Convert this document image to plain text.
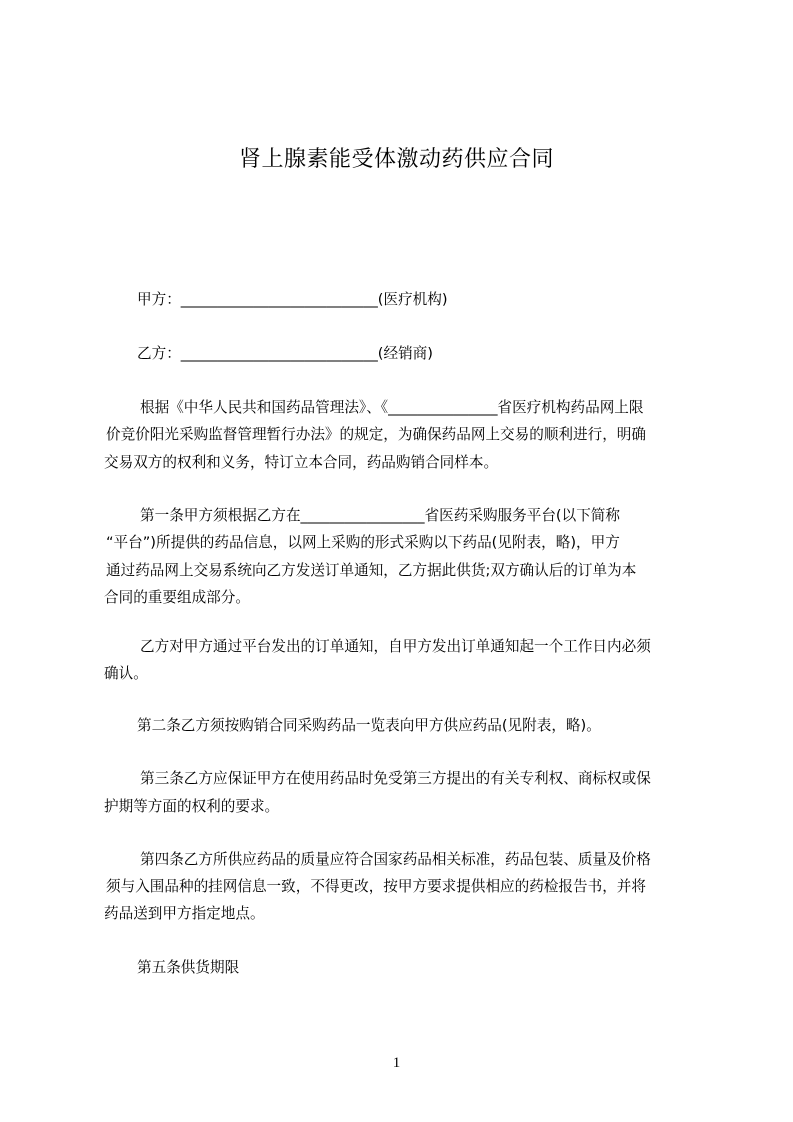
肾上腺素能受体激动药供应合同
甲方：___________________________(医疗机构)
乙方：___________________________(经销商)
根据《中华人民共和国药品管理法》、《_______________省医疗机构药品网上限
价竞价阳光采购监督管理暂行办法》的规定，为确保药品网上交易的顺利进行，明确
交易双方的权利和义务，特订立本合同，药品购销合同样本。
第一条甲方须根据乙方在_________________省医药采购服务平台(以下简称
“平台”)所提供的药品信息，以网上采购的形式采购以下药品(见附表，略)，甲方
通过药品网上交易系统向乙方发送订单通知，乙方据此供货;双方确认后的订单为本
合同的重要组成部分。
乙方对甲方通过平台发出的订单通知，自甲方发出订单通知起一个工作日内必须
确认。
第二条乙方须按购销合同采购药品一览表向甲方供应药品(见附表，略)。
第三条乙方应保证甲方在使用药品时免受第三方提出的有关专利权、商标权或保
护期等方面的权利的要求。
第四条乙方所供应药品的质量应符合国家药品相关标准，药品包装、质量及价格
须与入围品种的挂网信息一致，不得更改，按甲方要求提供相应的药检报告书，并将
药品送到甲方指定地点。
第五条供货期限
1
